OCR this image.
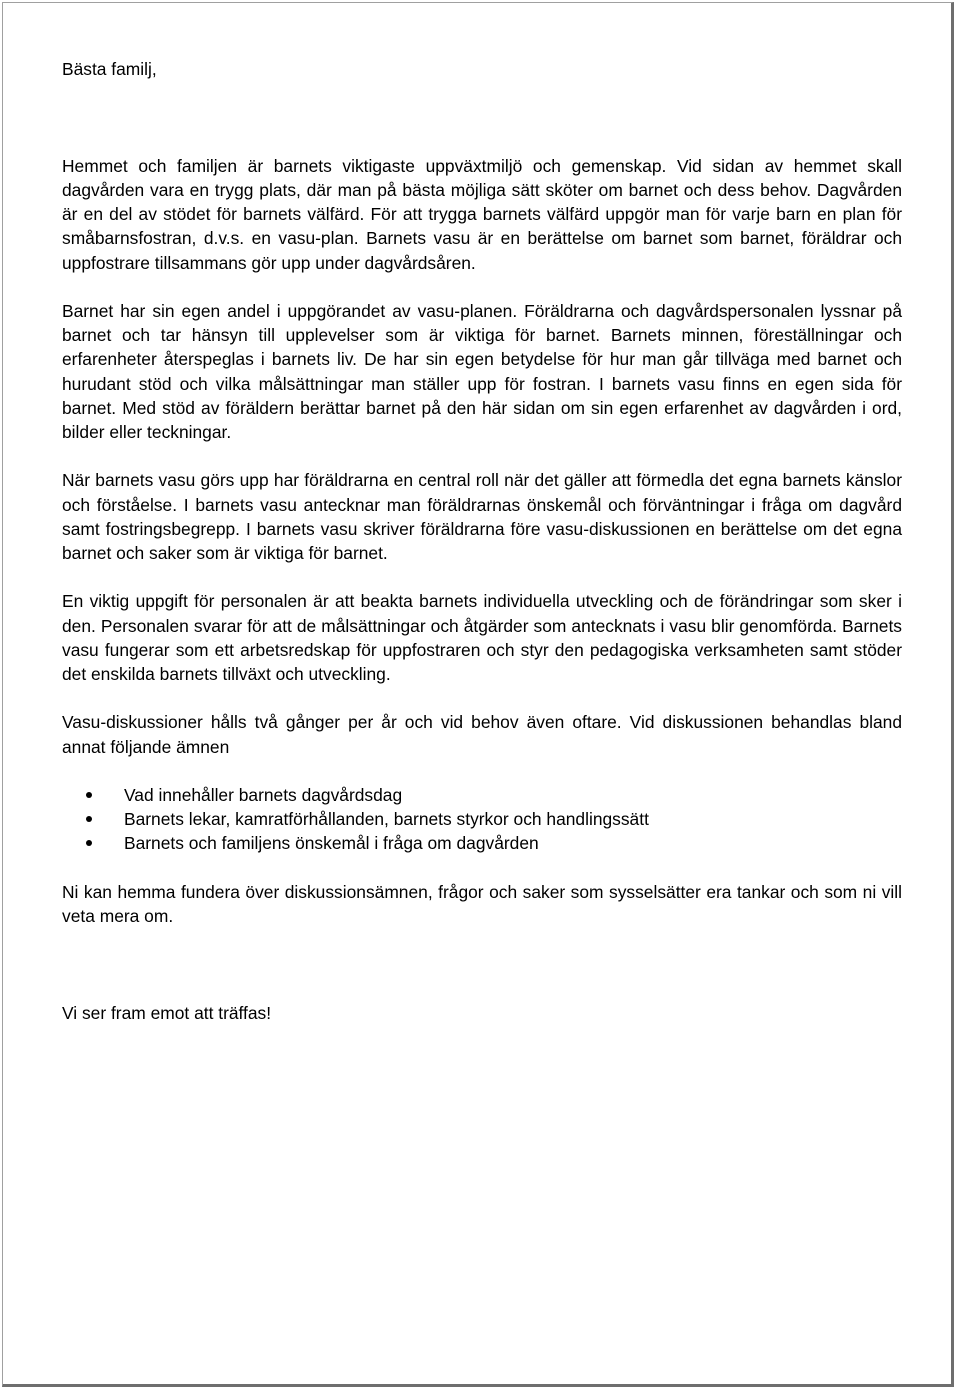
Bästa familj,

Hemmet och familjen är barnets viktigaste uppväxtmiljö och gemenskap. Vid sidan av hemmet skall dagvården vara en trygg plats, där man på bästa möjliga sätt sköter om barnet och dess behov. Dagvården är en del av stödet för barnets välfärd. För att trygga barnets välfärd uppgör man för varje barn en plan för småbarnsfostran, d.v.s. en vasu-plan. Barnets vasu är en berättelse om barnet som barnet, föräldrar och uppfostrare tillsammans gör upp under dagvårdsåren.

Barnet har sin egen andel i uppgörandet av vasu-planen. Föräldrarna och dagvårdspersonalen lyssnar på barnet och tar hänsyn till upplevelser som är viktiga för barnet. Barnets minnen, föreställningar och erfarenheter återspeglas i barnets liv. De har sin egen betydelse för hur man går tillväga med barnet och hurudant stöd och vilka målsättningar man ställer upp för fostran. I barnets vasu finns en egen sida för barnet. Med stöd av föräldern berättar barnet på den här sidan om sin egen erfarenhet av dagvården i ord, bilder eller teckningar.

När barnets vasu görs upp har föräldrarna en central roll när det gäller att förmedla det egna barnets känslor och förståelse. I barnets vasu antecknar man föräldrarnas önskemål och förväntningar i fråga om dagvård samt fostringsbegrepp. I barnets vasu skriver föräldrarna före vasu-diskussionen en berättelse om det egna barnet och saker som är viktiga för barnet.

En viktig uppgift för personalen är att beakta barnets individuella utveckling och de förändringar som sker i den. Personalen svarar för att de målsättningar och åtgärder som antecknats i vasu blir genomförda. Barnets vasu fungerar som ett arbetsredskap för uppfostraren och styr den pedagogiska verksamheten samt stöder det enskilda barnets tillväxt och utveckling.

Vasu-diskussioner hålls två gånger per år och vid behov även oftare. Vid diskussionen behandlas bland annat följande ämnen

Vad innehåller barnets dagvårdsdag
Barnets lekar, kamratförhållanden, barnets styrkor och handlingssätt
Barnets och familjens önskemål i fråga om dagvården

Ni kan hemma fundera över diskussionsämnen, frågor och saker som sysselsätter era tankar och som ni vill veta mera om.

Vi ser fram emot att träffas!
